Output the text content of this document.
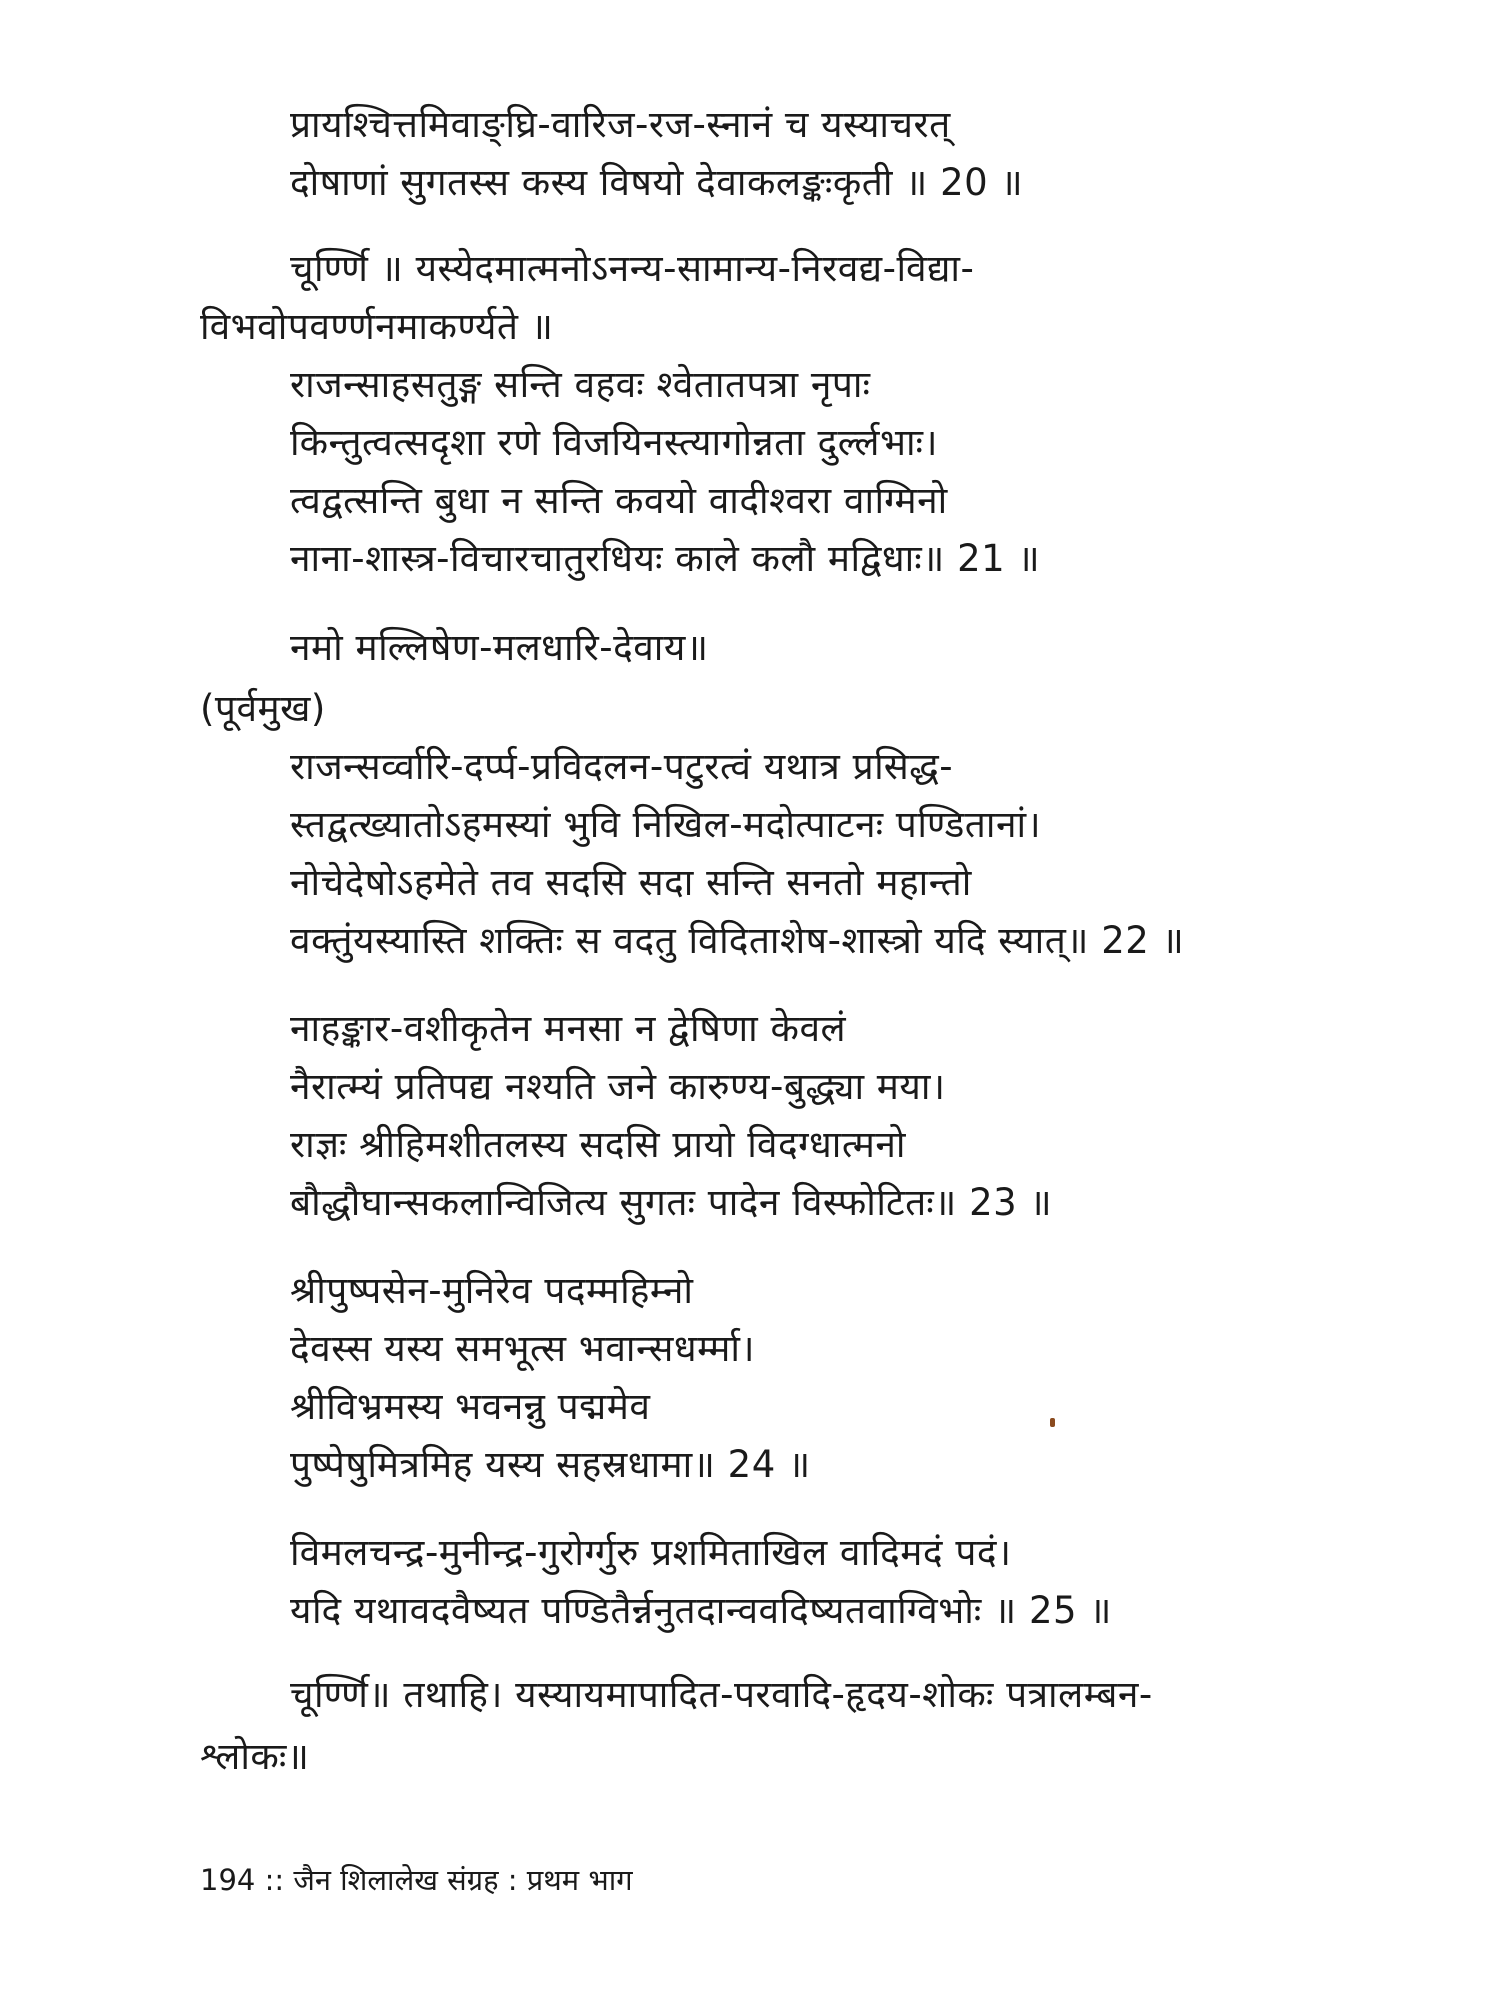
प्रायश्चित्तमिवाङ्घ्रि-वारिज-रज-स्नानं च यस्याचरत्
दोषाणां सुगतस्स कस्य विषयो देवाकलङ्कःकृती ॥ 20 ॥
चूर्ण्णि ॥ यस्येदमात्मनोऽनन्य-सामान्य-निरवद्य-विद्या-
विभवोपवर्ण्णनमाकर्ण्यते ॥
राजन्साहसतुङ्ग सन्ति वहवः श्वेतातपत्रा नृपाः
किन्तुत्वत्सदृशा रणे विजयिनस्त्यागोन्नता दुर्ल्लभाः।
त्वद्वत्सन्ति बुधा न सन्ति कवयो वादीश्वरा वाग्मिनो
नाना-शास्त्र-विचारचातुरधियः काले कलौ मद्विधाः॥ 21 ॥
नमो मल्लिषेण-मलधारि-देवाय॥
(पूर्वमुख)
राजन्सर्व्वारि-दर्प्प-प्रविदलन-पटुरत्वं यथात्र प्रसिद्ध-
स्तद्वत्ख्यातोऽहमस्यां भुवि निखिल-मदोत्पाटनः पण्डितानां।
नोचेदेषोऽहमेते तव सदसि सदा सन्ति सनतो महान्तो
वक्तुंयस्यास्ति शक्तिः स वदतु विदिताशेष-शास्त्रो यदि स्यात्॥ 22 ॥
नाहङ्कार-वशीकृतेन मनसा न द्वेषिणा केवलं
नैरात्म्यं प्रतिपद्य नश्यति जने कारुण्य-बुद्ध्या मया।
राज्ञः श्रीहिमशीतलस्य सदसि प्रायो विदग्धात्मनो
बौद्धौघान्सकलान्विजित्य सुगतः पादेन विस्फोटितः॥ 23 ॥
श्रीपुष्पसेन-मुनिरेव पदम्महिम्नो
देवस्स यस्य समभूत्स भवान्सधर्म्मा।
श्रीविभ्रमस्य भवनन्नु पद्ममेव
पुष्पेषुमित्रमिह यस्य सहस्रधामा॥ 24 ॥
विमलचन्द्र-मुनीन्द्र-गुरोर्ग्गुरु प्रशमिताखिल वादिमदं पदं।
यदि यथावदवैष्यत पण्डितैर्न्ननुतदान्ववदिष्यतवाग्विभोः ॥ 25 ॥
चूर्ण्णि॥ तथाहि। यस्यायमापादित-परवादि-हृदय-शोकः पत्रालम्बन-
श्लोकः॥
194 :: जैन शिलालेख संग्रह : प्रथम भाग
